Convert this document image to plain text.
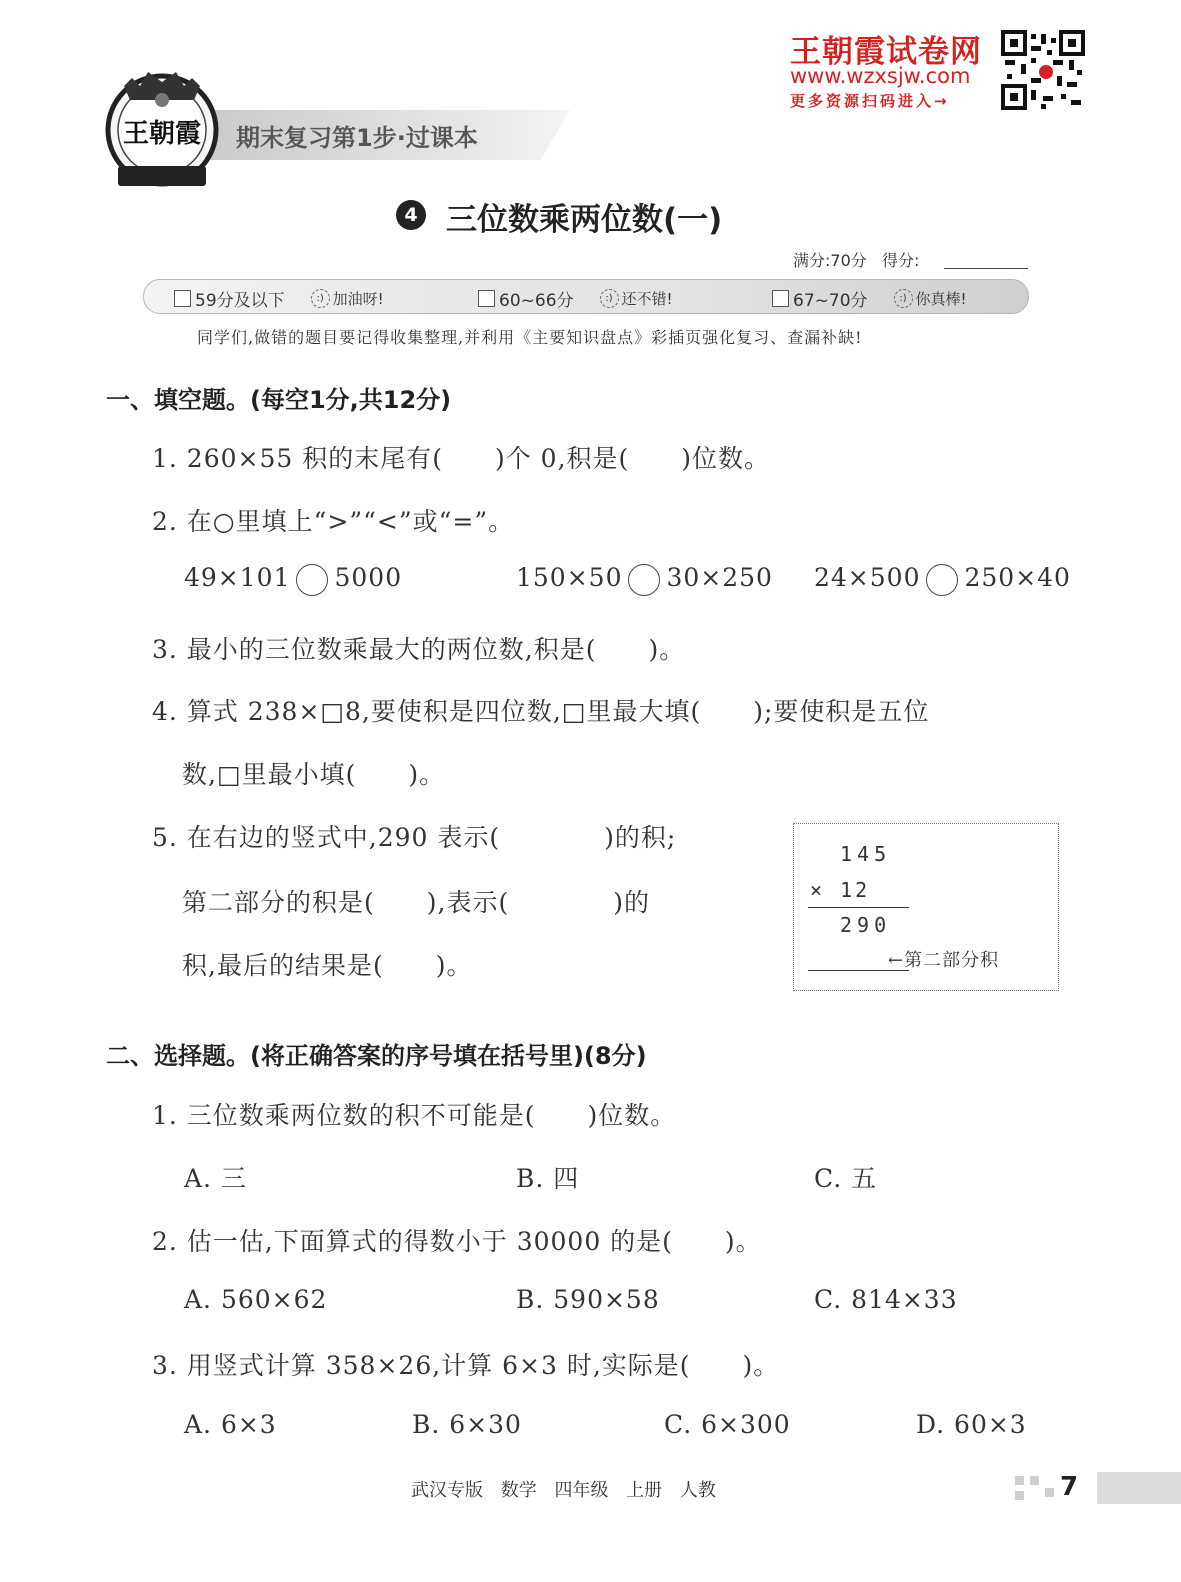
期末复习第1步·过课本
王朝霞
王朝霞试卷网
www.wzxsjw.com
更多资源扫码进入→
4 三位数乘两位数(一)
满分:70分 得分:
59分及以下	:) 加油呀!	60~66分	:) 还不错!	67~70分	:) 你真棒!
同学们,做错的题目要记得收集整理,并利用《主要知识盘点》彩插页强化复习、查漏补缺!
一、填空题。(每空1分,共12分)
1. 260×55 积的末尾有(　　)个 0,积是(　　)位数。
2. 在○里填上“>”“<”或“=”。
49×101 5000	150×50 30×250 24×500 250×40
3. 最小的三位数乘最大的两位数,积是(　　)。
4. 算式 238×□8,要使积是四位数,□里最大填(　　);要使积是五位
数,□里最小填(　　)。
5. 在右边的竖式中,290 表示(　　　　)的积;
第二部分的积是(　　),表示(　　　　)的
积,最后的结果是(　　)。
145
× 12
290
←第二部分积
二、选择题。(将正确答案的序号填在括号里)(8分)
1. 三位数乘两位数的积不可能是(　　)位数。
A. 三	B. 四	C. 五
2. 估一估,下面算式的得数小于 30000 的是(　　)。
A. 560×62	B. 590×58	C. 814×33
3. 用竖式计算 358×26,计算 6×3 时,实际是(　　)。
A. 6×3	B. 6×30	C. 6×300	D. 60×3
武汉专版 数学 四年级 上册 人教	7
